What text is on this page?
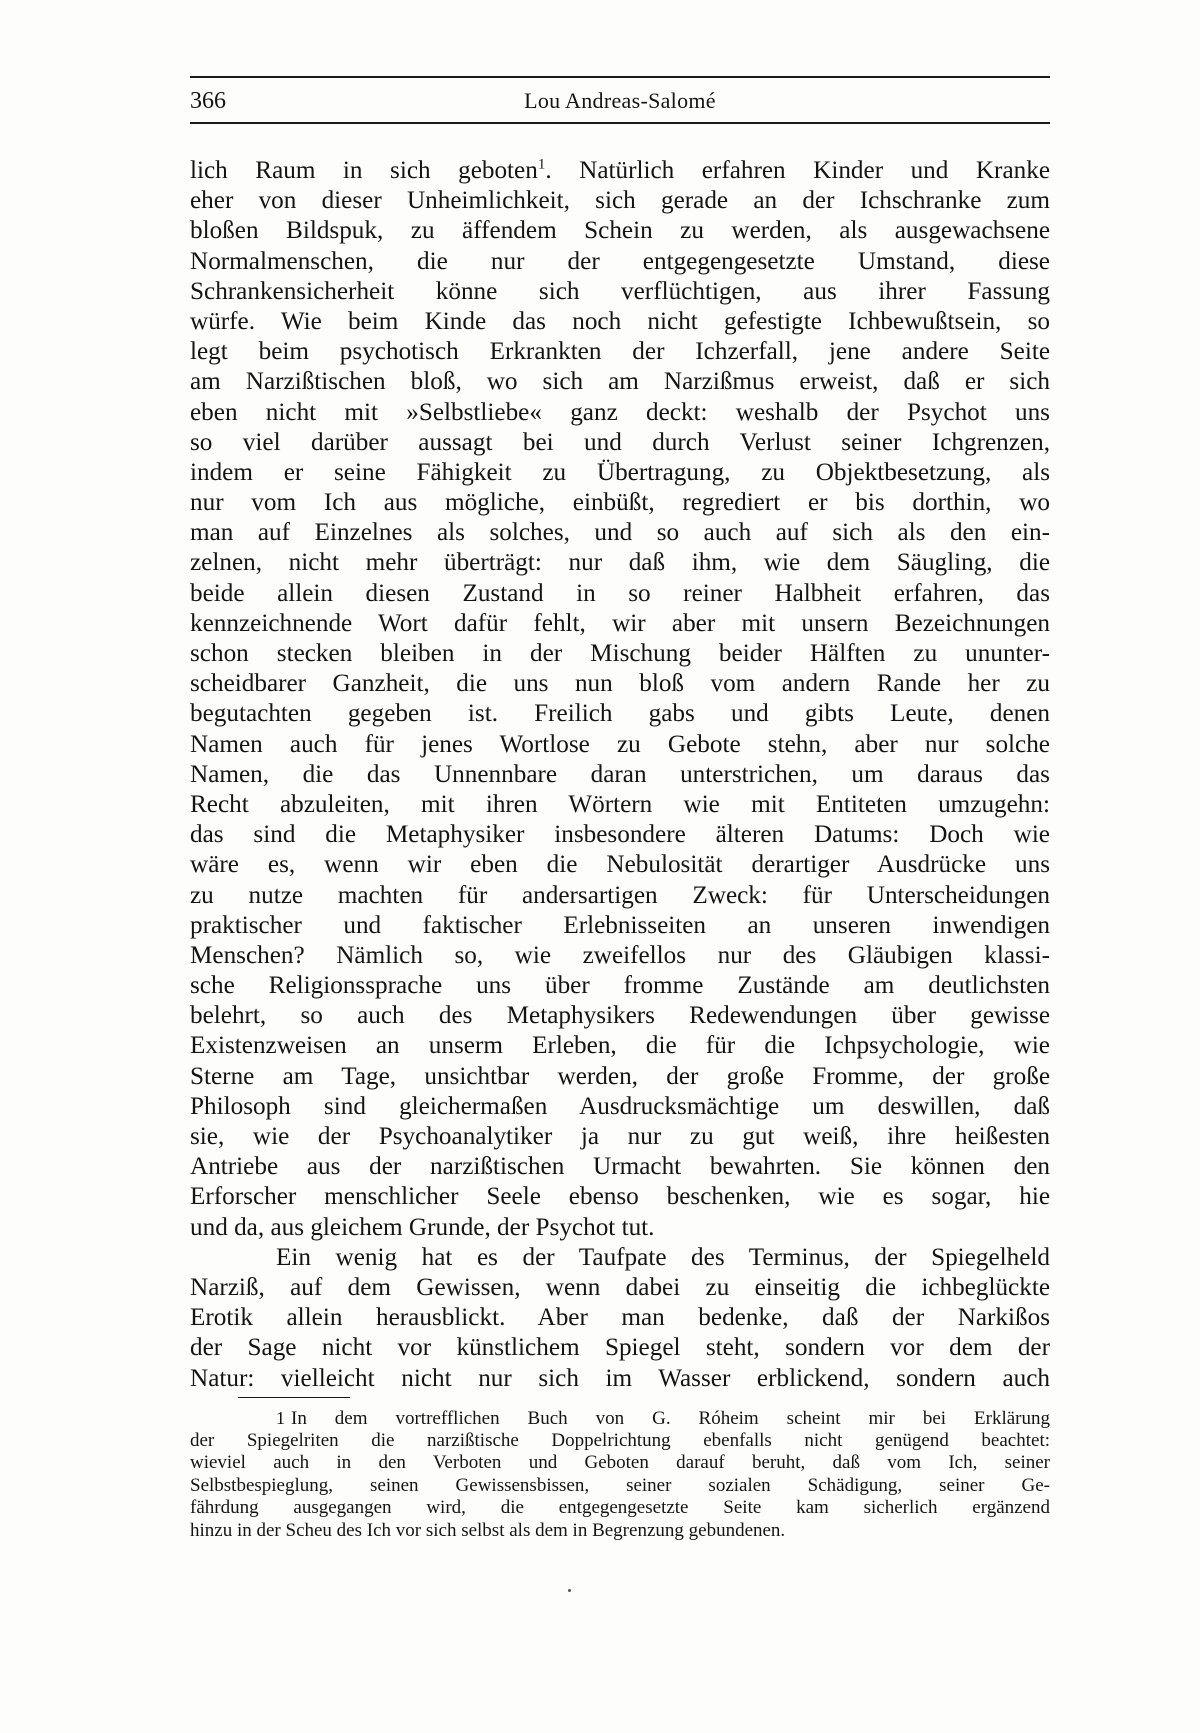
366	Lou Andreas-Salomé
lich Raum in sich geboten$^1$. Natürlich erfahren Kinder und Kranke
eher von dieser Unheimlichkeit, sich gerade an der Ichschranke zum
bloßen Bildspuk, zu äffendem Schein zu werden, als ausgewachsene
Normalmenschen, die nur der entgegengesetzte Umstand, diese
Schrankensicherheit könne sich verflüchtigen, aus ihrer Fassung
würfe. Wie beim Kinde das noch nicht gefestigte Ichbewußtsein, so
legt beim psychotisch Erkrankten der Ichzerfall, jene andere Seite
am Narzißtischen bloß, wo sich am Narzißmus erweist, daß er sich
eben nicht mit »Selbstliebe« ganz deckt: weshalb der Psychot uns
so viel darüber aussagt bei und durch Verlust seiner Ichgrenzen,
indem er seine Fähigkeit zu Übertragung, zu Objektbesetzung, als
nur vom Ich aus mögliche, einbüßt, regrediert er bis dorthin, wo
man auf Einzelnes als solches, und so auch auf sich als den ein-
zelnen, nicht mehr überträgt: nur daß ihm, wie dem Säugling, die
beide allein diesen Zustand in so reiner Halbheit erfahren, das
kennzeichnende Wort dafür fehlt, wir aber mit unsern Bezeichnungen
schon stecken bleiben in der Mischung beider Hälften zu ununter-
scheidbarer Ganzheit, die uns nun bloß vom andern Rande her zu
begutachten gegeben ist. Freilich gabs und gibts Leute, denen
Namen auch für jenes Wortlose zu Gebote stehn, aber nur solche
Namen, die das Unnennbare daran unterstrichen, um daraus das
Recht abzuleiten, mit ihren Wörtern wie mit Entiteten umzugehn:
das sind die Metaphysiker insbesondere älteren Datums: Doch wie
wäre es, wenn wir eben die Nebulosität derartiger Ausdrücke uns
zu nutze machten für andersartigen Zweck: für Unterscheidungen
praktischer und faktischer Erlebnisseiten an unseren inwendigen
Menschen? Nämlich so, wie zweifellos nur des Gläubigen klassi-
sche Religionssprache uns über fromme Zustände am deutlichsten
belehrt, so auch des Metaphysikers Redewendungen über gewisse
Existenzweisen an unserm Erleben, die für die Ichpsychologie, wie
Sterne am Tage, unsichtbar werden, der große Fromme, der große
Philosoph sind gleichermaßen Ausdrucksmächtige um deswillen, daß
sie, wie der Psychoanalytiker ja nur zu gut weiß, ihre heißesten
Antriebe aus der narzißtischen Urmacht bewahrten. Sie können den
Erforscher menschlicher Seele ebenso beschenken, wie es sogar, hie
und da, aus gleichem Grunde, der Psychot tut.
Ein wenig hat es der Taufpate des Terminus, der Spiegelheld
Narziß, auf dem Gewissen, wenn dabei zu einseitig die ichbeglückte
Erotik allein herausblickt. Aber man bedenke, daß der Narkißos
der Sage nicht vor künstlichem Spiegel steht, sondern vor dem der
Natur: vielleicht nicht nur sich im Wasser erblickend, sondern auch
1 In dem vortrefflichen Buch von G. Róheim scheint mir bei Erklärung
der Spiegelriten die narzißtische Doppelrichtung ebenfalls nicht genügend beachtet:
wieviel auch in den Verboten und Geboten darauf beruht, daß vom Ich, seiner
Selbstbespieglung, seinen Gewissensbissen, seiner sozialen Schädigung, seiner Ge-
fährdung ausgegangen wird, die entgegengesetzte Seite kam sicherlich ergänzend
hinzu in der Scheu des Ich vor sich selbst als dem in Begrenzung gebundenen.
